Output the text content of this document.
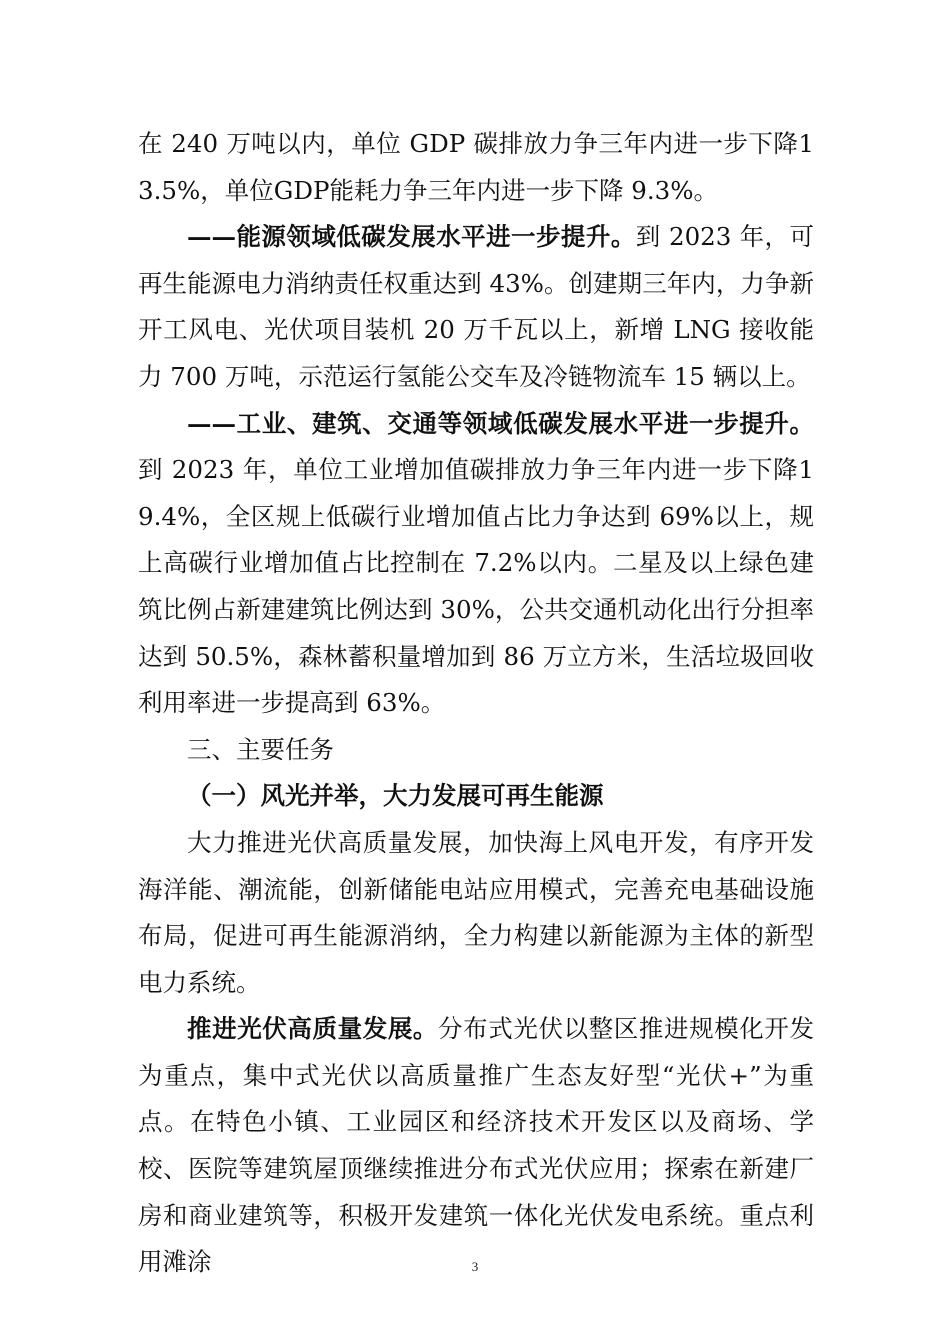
在 240 万吨以内，单位 GDP 碳排放力争三年内进一步下降13.5%，单位GDP能耗力争三年内进一步下降 9.3%。

——能源领域低碳发展水平进一步提升。到 2023 年，可再生能源电力消纳责任权重达到 43%。创建期三年内，力争新开工风电、光伏项目装机 20 万千瓦以上，新增 LNG 接收能力 700 万吨，示范运行氢能公交车及冷链物流车 15 辆以上。

——工业、建筑、交通等领域低碳发展水平进一步提升。到 2023 年，单位工业增加值碳排放力争三年内进一步下降19.4%，全区规上低碳行业增加值占比力争达到 69%以上，规上高碳行业增加值占比控制在 7.2%以内。二星及以上绿色建筑比例占新建建筑比例达到 30%，公共交通机动化出行分担率达到 50.5%，森林蓄积量增加到 86 万立方米，生活垃圾回收利用率进一步提高到 63%。

三、主要任务

（一）风光并举，大力发展可再生能源

大力推进光伏高质量发展，加快海上风电开发，有序开发海洋能、潮流能，创新储能电站应用模式，完善充电基础设施布局，促进可再生能源消纳，全力构建以新能源为主体的新型电力系统。

推进光伏高质量发展。分布式光伏以整区推进规模化开发为重点，集中式光伏以高质量推广生态友好型“光伏+”为重点。在特色小镇、工业园区和经济技术开发区以及商场、学校、医院等建筑屋顶继续推进分布式光伏应用；探索在新建厂房和商业建筑等，积极开发建筑一体化光伏发电系统。重点利用滩涂	3
